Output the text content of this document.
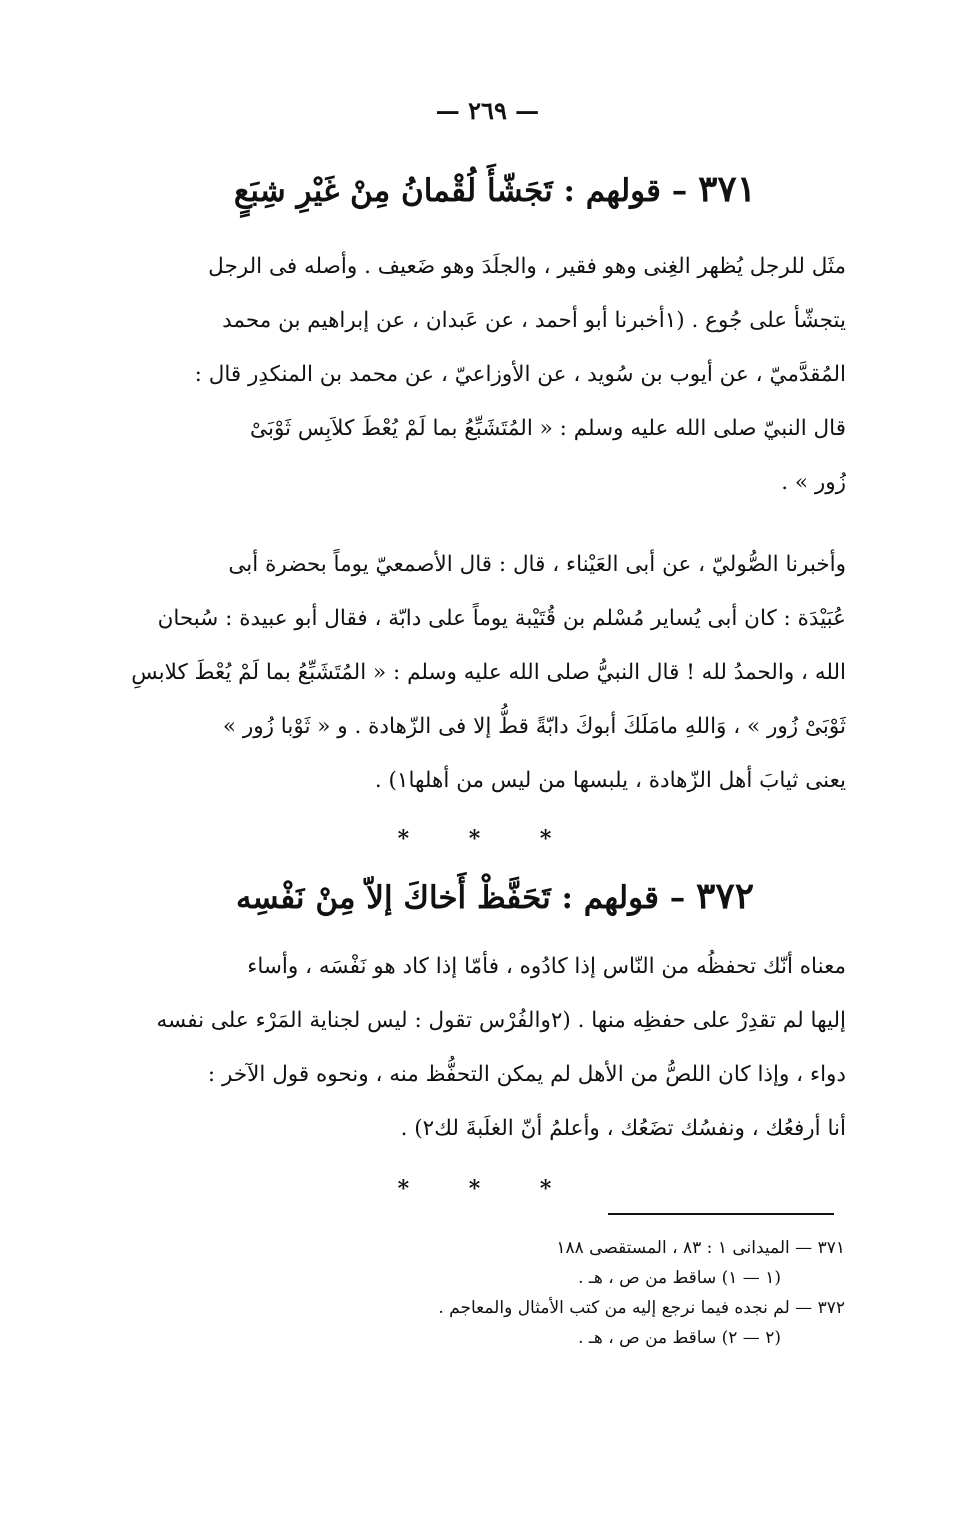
— ٢٦٩ —
٣٧١ – قولهم : تَجَشّأَ لُقْمانُ مِنْ غَيْرِ شِبَعٍ
مثَل للرجل يُظهر الغِنى وهو فقير ، والجلَدَ وهو ضَعيف . وأصله فى الرجل
يتجشّأ على جُوع . (١أخبرنا أبو أحمد ، عن عَبدان ، عن إبراهيم بن محمد
المُقدَّميّ ، عن أيوب بن سُويد ، عن الأوزاعيّ ، عن محمد بن المنكدِر قال :
قال النبيّ صلى الله عليه وسلم : « المُتَشَبِّعُ بما لَمْ يُعْطَ كلاَبِس ثَوْبَىْ
زُور » .
وأخبرنا الصُّوليّ ، عن أبى العَيْناء ، قال : قال الأصمعيّ يوماً بحضرة أبى
عُبَيْدَة : كان أبى يُساير مُسْلم بن قُتَيْبة يوماً على دابّة ، فقال أبو عبيدة : سُبحان
الله ، والحمدُ لله ! قال النبيُّ صلى الله عليه وسلم : « المُتَشَبِّعُ بما لَمْ يُعْطَ كلابسِ
ثَوْبَىْ زُور » ، وَاللهِ مامَلَكَ أبوكَ دابّةً قطُّ إلا فى الزّهادة . و « ثَوْبا زُور »
يعنى ثيابَ أهل الزّهادة ، يلبسها من ليس من أهلها١) .
* * *
٣٧٢ – قولهم : تَحَفَّظْ أَخاكَ إلاّ مِنْ نَفْسِه
معناه أنّك تحفظُه من النّاس إذا كادُوه ، فأمّا إذا كاد هو نَفْسَه ، وأساء
إليها لم تقدِرْ على حفظِه منها . (٢والفُرْس تقول : ليس لجناية المَرْء على نفسه
دواء ، وإذا كان اللصُّ من الأهل لم يمكن التحفُّظ منه ، ونحوه قول الآخر :
أنا أرفعُك ، ونفسُك تضَعُك ، وأعلمُ أنّ الغلَبةَ لك٢) .
* * *
٣٧١ — الميدانى ١ : ٨٣ ، المستقصى ١٨٨
(١ — ١) ساقط من ص ، هـ .
٣٧٢ — لم نجده فيما نرجع إليه من كتب الأمثال والمعاجم .
(٢ — ٢) ساقط من ص ، هـ .
